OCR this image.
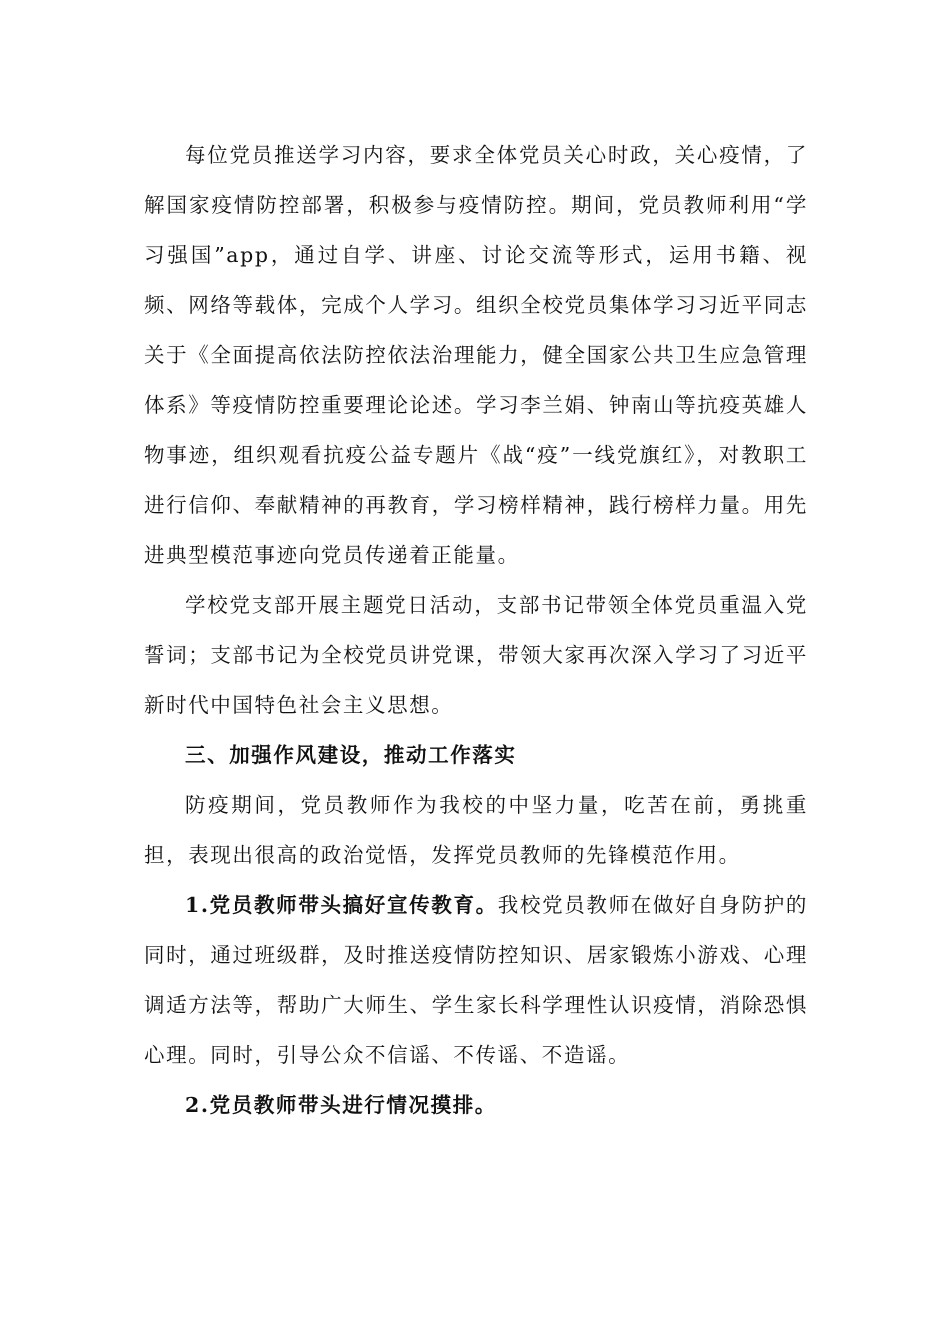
每位党员推送学习内容，要求全体党员关心时政，关心疫情，了解国家疫情防控部署，积极参与疫情防控。期间，党员教师利用“学习强国”app，通过自学、讲座、讨论交流等形式，运用书籍、视频、网络等载体，完成个人学习。组织全校党员集体学习习近平同志关于《全面提高依法防控依法治理能力，健全国家公共卫生应急管理体系》等疫情防控重要理论论述。学习李兰娟、钟南山等抗疫英雄人物事迹，组织观看抗疫公益专题片《战“疫”一线党旗红》，对教职工进行信仰、奉献精神的再教育，学习榜样精神，践行榜样力量。用先进典型模范事迹向党员传递着正能量。

学校党支部开展主题党日活动，支部书记带领全体党员重温入党誓词；支部书记为全校党员讲党课，带领大家再次深入学习了习近平新时代中国特色社会主义思想。

三、加强作风建设，推动工作落实

防疫期间，党员教师作为我校的中坚力量，吃苦在前，勇挑重担，表现出很高的政治觉悟，发挥党员教师的先锋模范作用。

1.党员教师带头搞好宣传教育。我校党员教师在做好自身防护的同时，通过班级群，及时推送疫情防控知识、居家锻炼小游戏、心理调适方法等，帮助广大师生、学生家长科学理性认识疫情，消除恐惧心理。同时，引导公众不信谣、不传谣、不造谣。

2.党员教师带头进行情况摸排。
